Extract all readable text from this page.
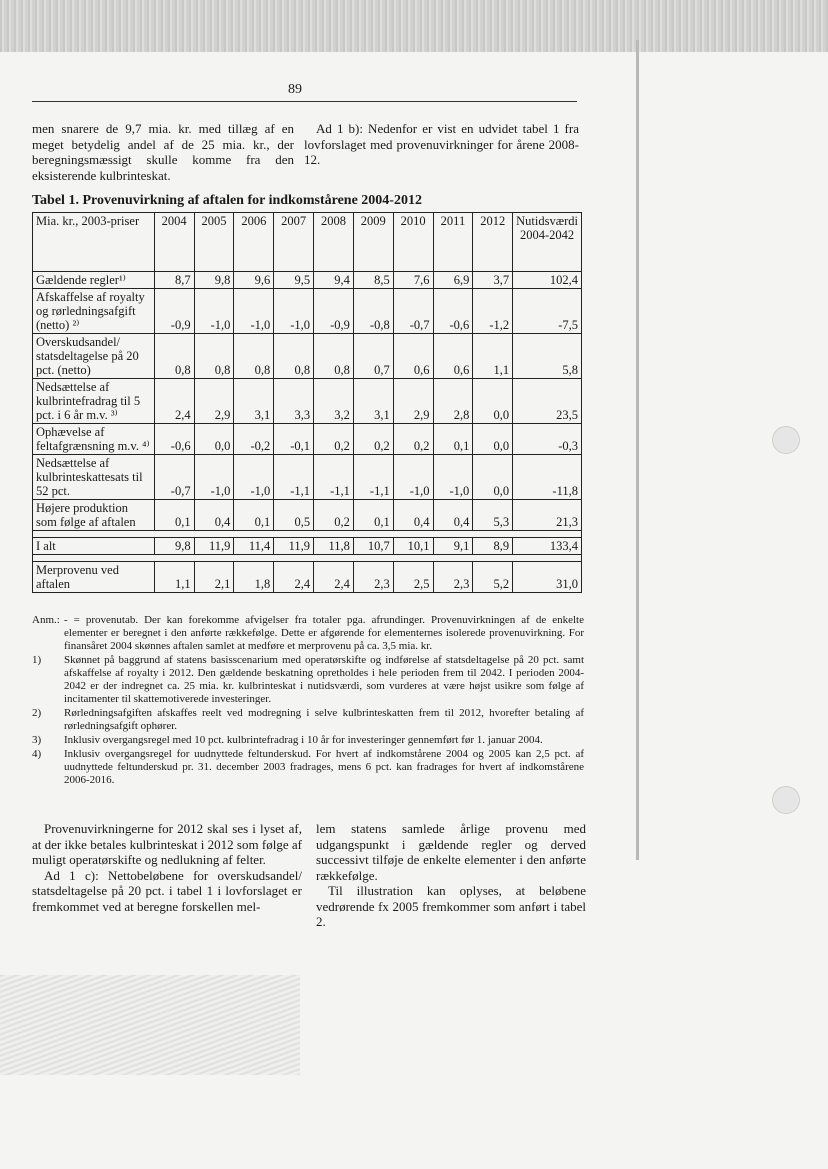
89

men snarere de 9,7 mia. kr. med tillæg af en meget betydelig andel af de 25 mia. kr., der beregningsmæssigt skulle komme fra den eksisterende kulbrinteskat.

Ad 1 b): Nedenfor er vist en udvidet tabel 1 fra lovforslaget med provenuvirkninger for årene 2008-12.

Tabel 1. Provenuvirkning af aftalen for indkomstårene 2004-2012
Mia. kr., 2003-priser	2004	2005	2006	2007	2008	2009	2010	2011	2012	Nutidsværdi 2004-2042
Gældende regler¹⁾	8,7	9,8	9,6	9,5	9,4	8,5	7,6	6,9	3,7	102,4
Afskaffelse af royalty og rørledningsafgift (netto) ²⁾	-0,9	-1,0	-1,0	-1,0	-0,9	-0,8	-0,7	-0,6	-1,2	-7,5
Overskudsandel/ statsdeltagelse på 20 pct. (netto)	0,8	0,8	0,8	0,8	0,8	0,7	0,6	0,6	1,1	5,8
Nedsættelse af kulbrintefradrag til 5 pct. i 6 år m.v. ³⁾	2,4	2,9	3,1	3,3	3,2	3,1	2,9	2,8	0,0	23,5
Ophævelse af feltafgrænsning m.v. ⁴⁾	-0,6	0,0	-0,2	-0,1	0,2	0,2	0,2	0,1	0,0	-0,3
Nedsættelse af kulbrinteskattesats til 52 pct.	-0,7	-1,0	-1,0	-1,1	-1,1	-1,1	-1,0	-1,0	0,0	-11,8
Højere produktion som følge af aftalen	0,1	0,4	0,1	0,5	0,2	0,1	0,4	0,4	5,3	21,3

I alt	9,8	11,9	11,4	11,9	11,8	10,7	10,1	9,1	8,9	133,4

Merprovenu ved aftalen	1,1	2,1	1,8	2,4	2,4	2,3	2,5	2,3	5,2	31,0
Anm.: - = provenutab. Der kan forekomme afvigelser fra totaler pga. afrundinger. Provenuvirkningen af de enkelte elementer er beregnet i den anførte rækkefølge. Dette er afgørende for elementernes isolerede provenuvirkning. For finansåret 2004 skønnes aftalen samlet at medføre et merprovenu på ca. 3,5 mia. kr.
1)	Skønnet på baggrund af statens basisscenarium med operatørskifte og indførelse af statsdeltagelse på 20 pct. samt afskaffelse af royalty i 2012. Den gældende beskatning opretholdes i hele perioden frem til 2042. I perioden 2004-2042 er der indregnet ca. 25 mia. kr. kulbrinteskat i nutidsværdi, som vurderes at være højst usikre som følge af incitamenter til skattemotiverede investeringer.
2)	Rørledningsafgiften afskaffes reelt ved modregning i selve kulbrinteskatten frem til 2012, hvorefter betaling af rørledningsafgift ophører.
3)	Inklusiv overgangsregel med 10 pct. kulbrintefradrag i 10 år for investeringer gennemført før 1. januar 2004.
4)	Inklusiv overgangsregel for uudnyttede feltunderskud. For hvert af indkomstårene 2004 og 2005 kan 2,5 pct. af uudnyttede feltunderskud pr. 31. december 2003 fradrages, mens 6 pct. kan fradrages for hvert af indkomstårene 2006-2016.

Provenuvirkningerne for 2012 skal ses i lyset af, at der ikke betales kulbrinteskat i 2012 som følge af muligt operatørskifte og nedlukning af felter.

Ad 1 c): Nettobeløbene for overskudsandel/ statsdeltagelse på 20 pct. i tabel 1 i lovforslaget er fremkommet ved at beregne forskellen mel-

lem statens samlede årlige provenu med udgangspunkt i gældende regler og derved successivt tilføje de enkelte elementer i den anførte rækkefølge.

Til illustration kan oplyses, at beløbene vedrørende fx 2005 fremkommer som anført i tabel 2.
